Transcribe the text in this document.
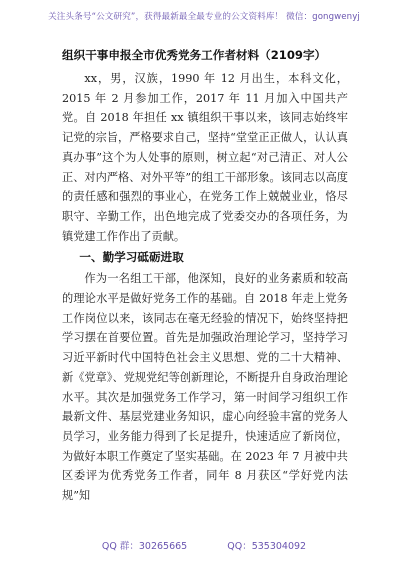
关注头条号“公文研究”，获得最新最全最专业的公文资料库！ 微信：gongwenyj
组织干事申报全市优秀党务工作者材料（2109字）

xx，男，汉族，1990 年 12 月出生，本科文化，2015 年 2 月参加工作，2017 年 11 月加入中国共产党。自 2018 年担任 xx 镇组织干事以来，该同志始终牢记党的宗旨，严格要求自己，坚持“堂堂正正做人，认认真真办事”这个为人处事的原则，树立起“对己清正、对人公正、对内严格、对外平等”的组工干部形象。该同志以高度的责任感和强烈的事业心，在党务工作上兢兢业业，恪尽职守、辛勤工作，出色地完成了党委交办的各项任务，为镇党建工作作出了贡献。

一、勤学习砥砺进取

作为一名组工干部，他深知，良好的业务素质和较高的理论水平是做好党务工作的基础。自 2018 年走上党务工作岗位以来，该同志在毫无经验的情况下，始终坚持把学习摆在首要位置。首先是加强政治理论学习，坚持学习习近平新时代中国特色社会主义思想、党的二十大精神、新《党章》、党规党纪等创新理论，不断提升自身政治理论水平。其次是加强党务工作学习，第一时间学习组织工作最新文件、基层党建业务知识，虚心向经验丰富的党务人员学习，业务能力得到了长足提升，快速适应了新岗位，为做好本职工作奠定了坚实基础。在 2023 年 7 月被中共区委评为优秀党务工作者，同年 8 月获区“学好党内法规”知

QQ 群：30265665	QQ：535304092
